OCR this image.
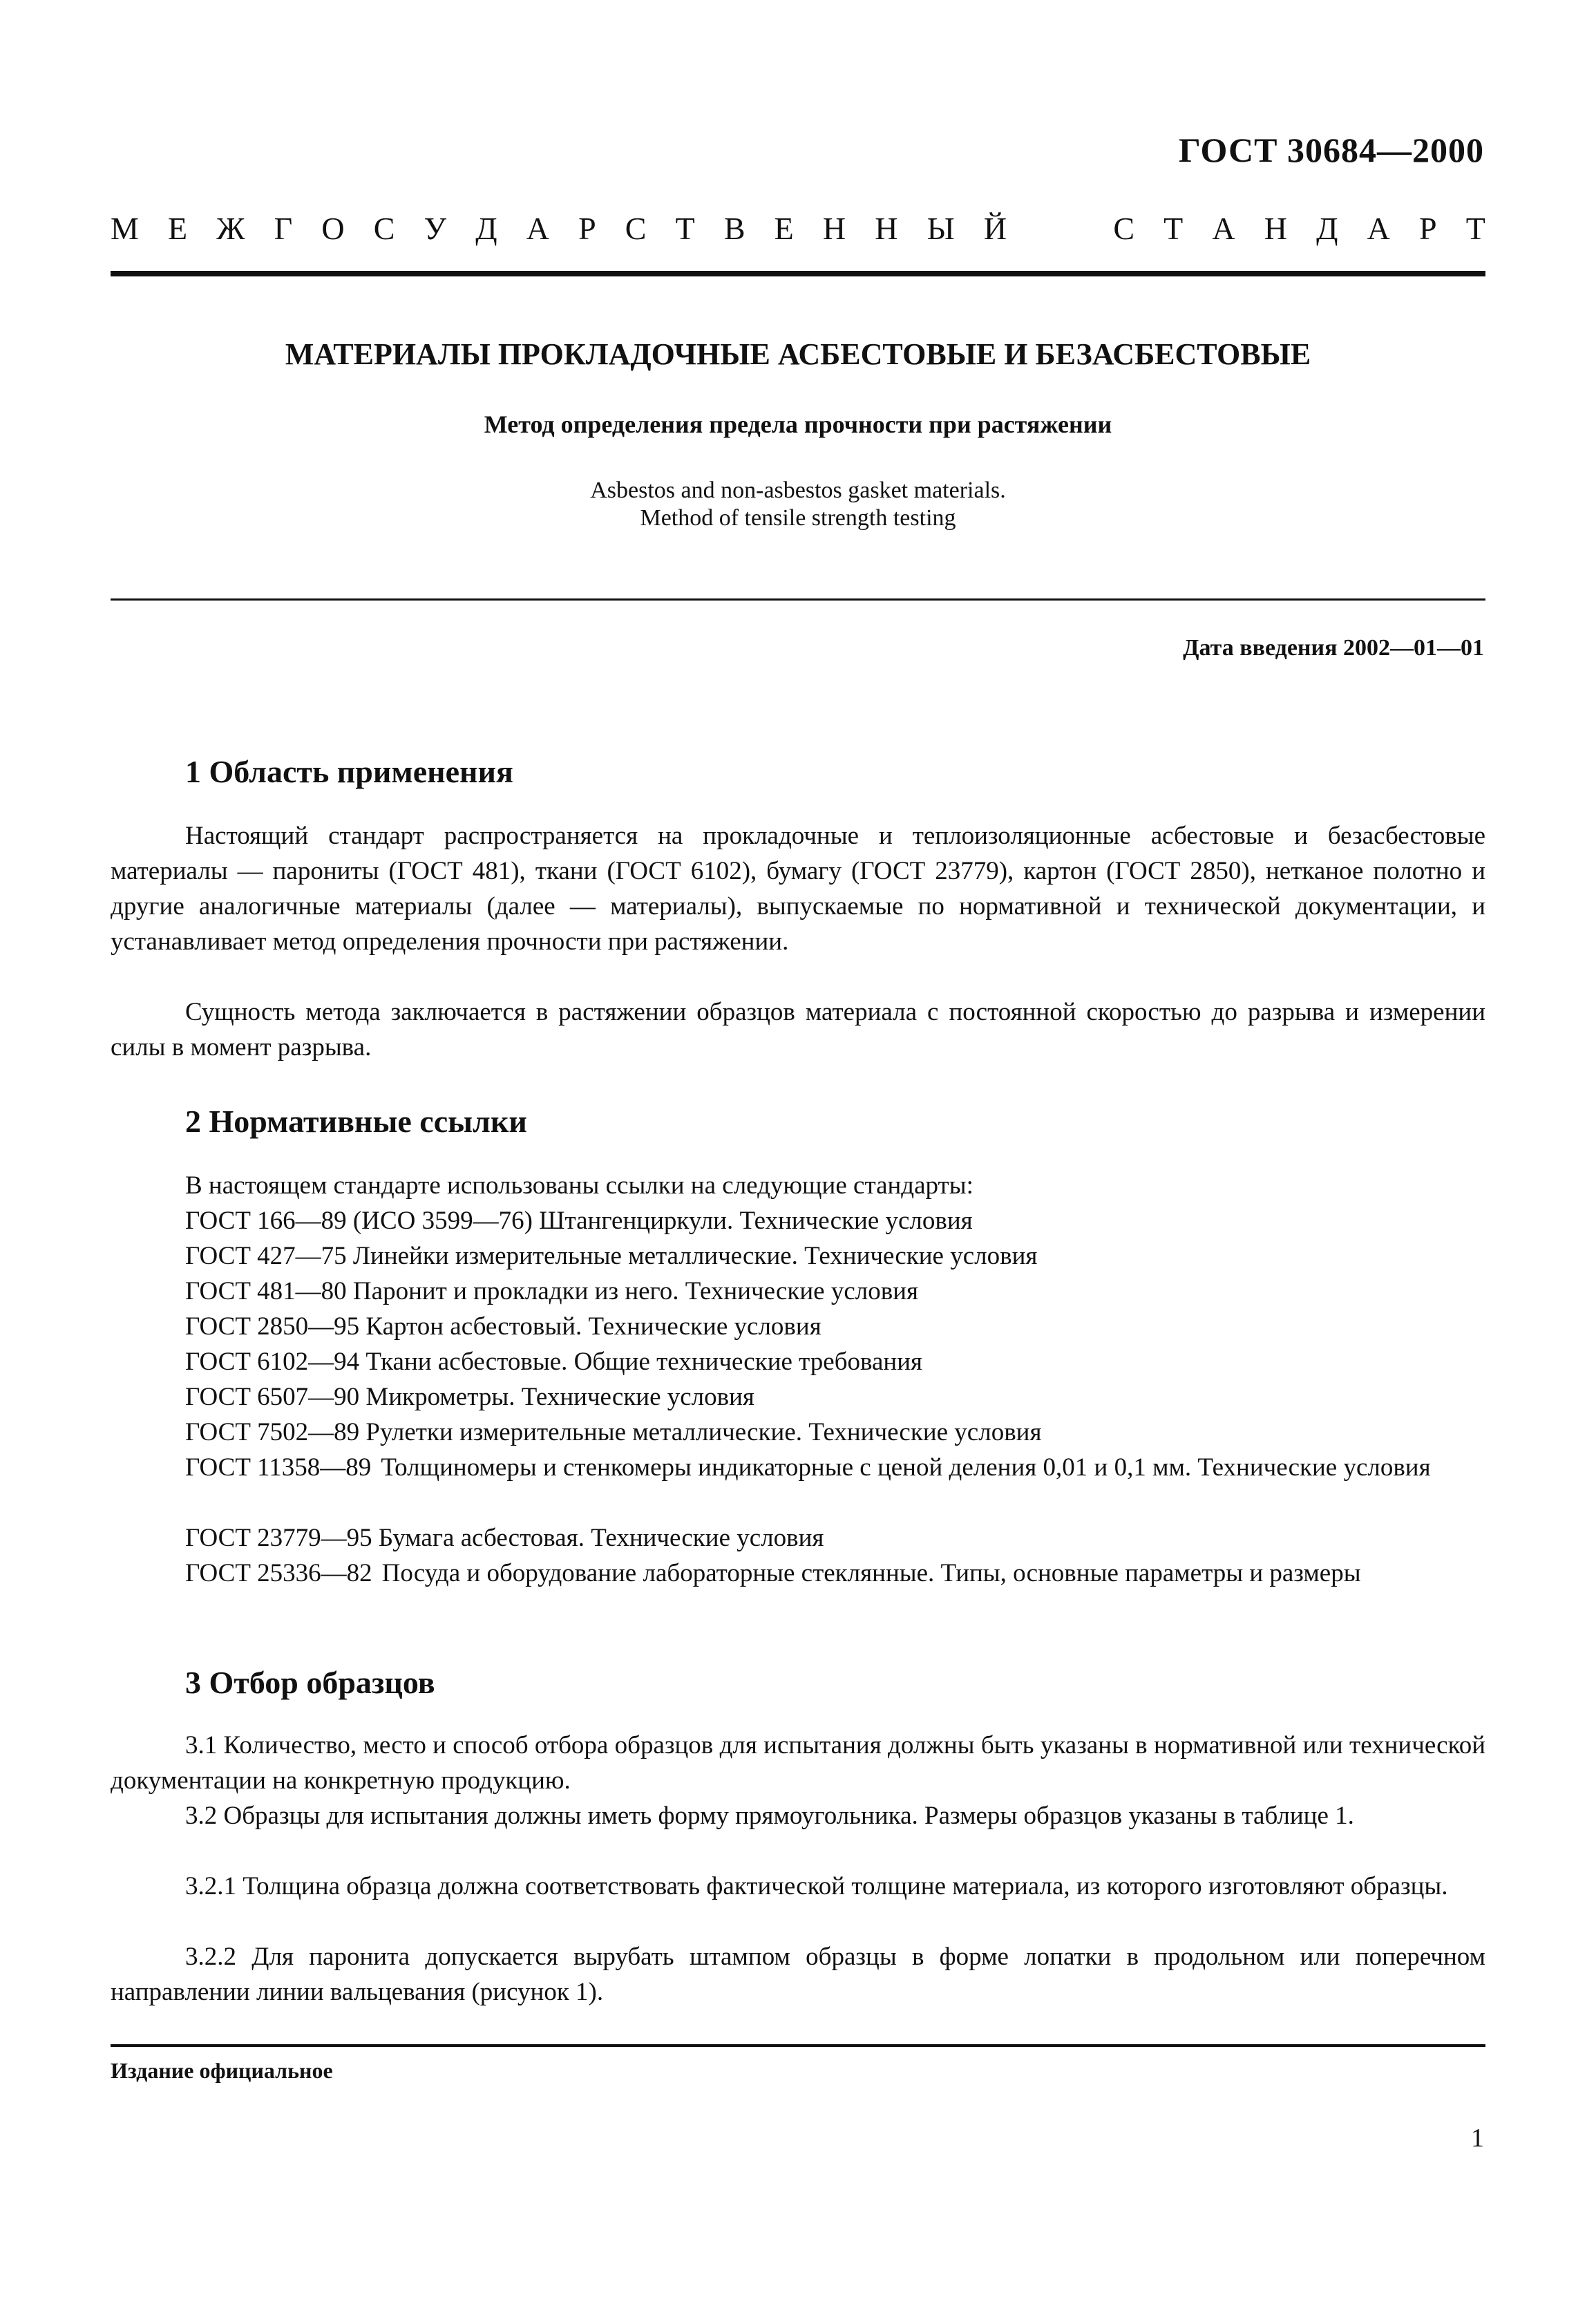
ГОСТ 30684—2000
М Е Ж Г О С У Д А Р С Т В Е Н Н Ы Й	С Т А Н Д А Р Т
МАТЕРИАЛЫ ПРОКЛАДОЧНЫЕ АСБЕСТОВЫЕ И БЕЗАСБЕСТОВЫЕ
Метод определения предела прочности при растяжении
Asbestos and non-asbestos gasket materials.
Method of tensile strength testing
Дата введения 2002—01—01
1 Область применения

Настоящий стандарт распространяется на прокладочные и теплоизоляционные асбестовые и безасбестовые материалы — парониты (ГОСТ 481), ткани (ГОСТ 6102), бумагу (ГОСТ 23779), картон (ГОСТ 2850), нетканое полотно и другие аналогичные материалы (далее — материалы), выпускаемые по нормативной и технической документации, и устанавливает метод определения прочности при растяжении.

Сущность метода заключается в растяжении образцов материала с постоянной скоростью до разрыва и измерении силы в момент разрыва.

2 Нормативные ссылки
В настоящем стандарте использованы ссылки на следующие стандарты:
ГОСТ 166—89 (ИСО 3599—76) Штангенциркули. Технические условия
ГОСТ 427—75 Линейки измерительные металлические. Технические условия
ГОСТ 481—80 Паронит и прокладки из него. Технические условия
ГОСТ 2850—95 Картон асбестовый. Технические условия
ГОСТ 6102—94 Ткани асбестовые. Общие технические требования
ГОСТ 6507—90 Микрометры. Технические условия
ГОСТ 7502—89 Рулетки измерительные металлические. Технические условия

ГОСТ 11358—89 Толщиномеры и стенкомеры индикаторные с ценой деления 0,01 и 0,1 мм. Технические условия

ГОСТ 23779—95 Бумага асбестовая. Технические условия

ГОСТ 25336—82 Посуда и оборудование лабораторные стеклянные. Типы, основные параметры и размеры

3 Отбор образцов

3.1 Количество, место и способ отбора образцов для испытания должны быть указаны в нормативной или технической документации на конкретную продукцию.

3.2 Образцы для испытания должны иметь форму прямоугольника. Размеры образцов указаны в таблице 1.

3.2.1 Толщина образца должна соответствовать фактической толщине материала, из которого изготовляют образцы.

3.2.2 Для паронита допускается вырубать штампом образцы в форме лопатки в продольном или поперечном направлении линии вальцевания (рисунок 1).

Издание официальное
1
